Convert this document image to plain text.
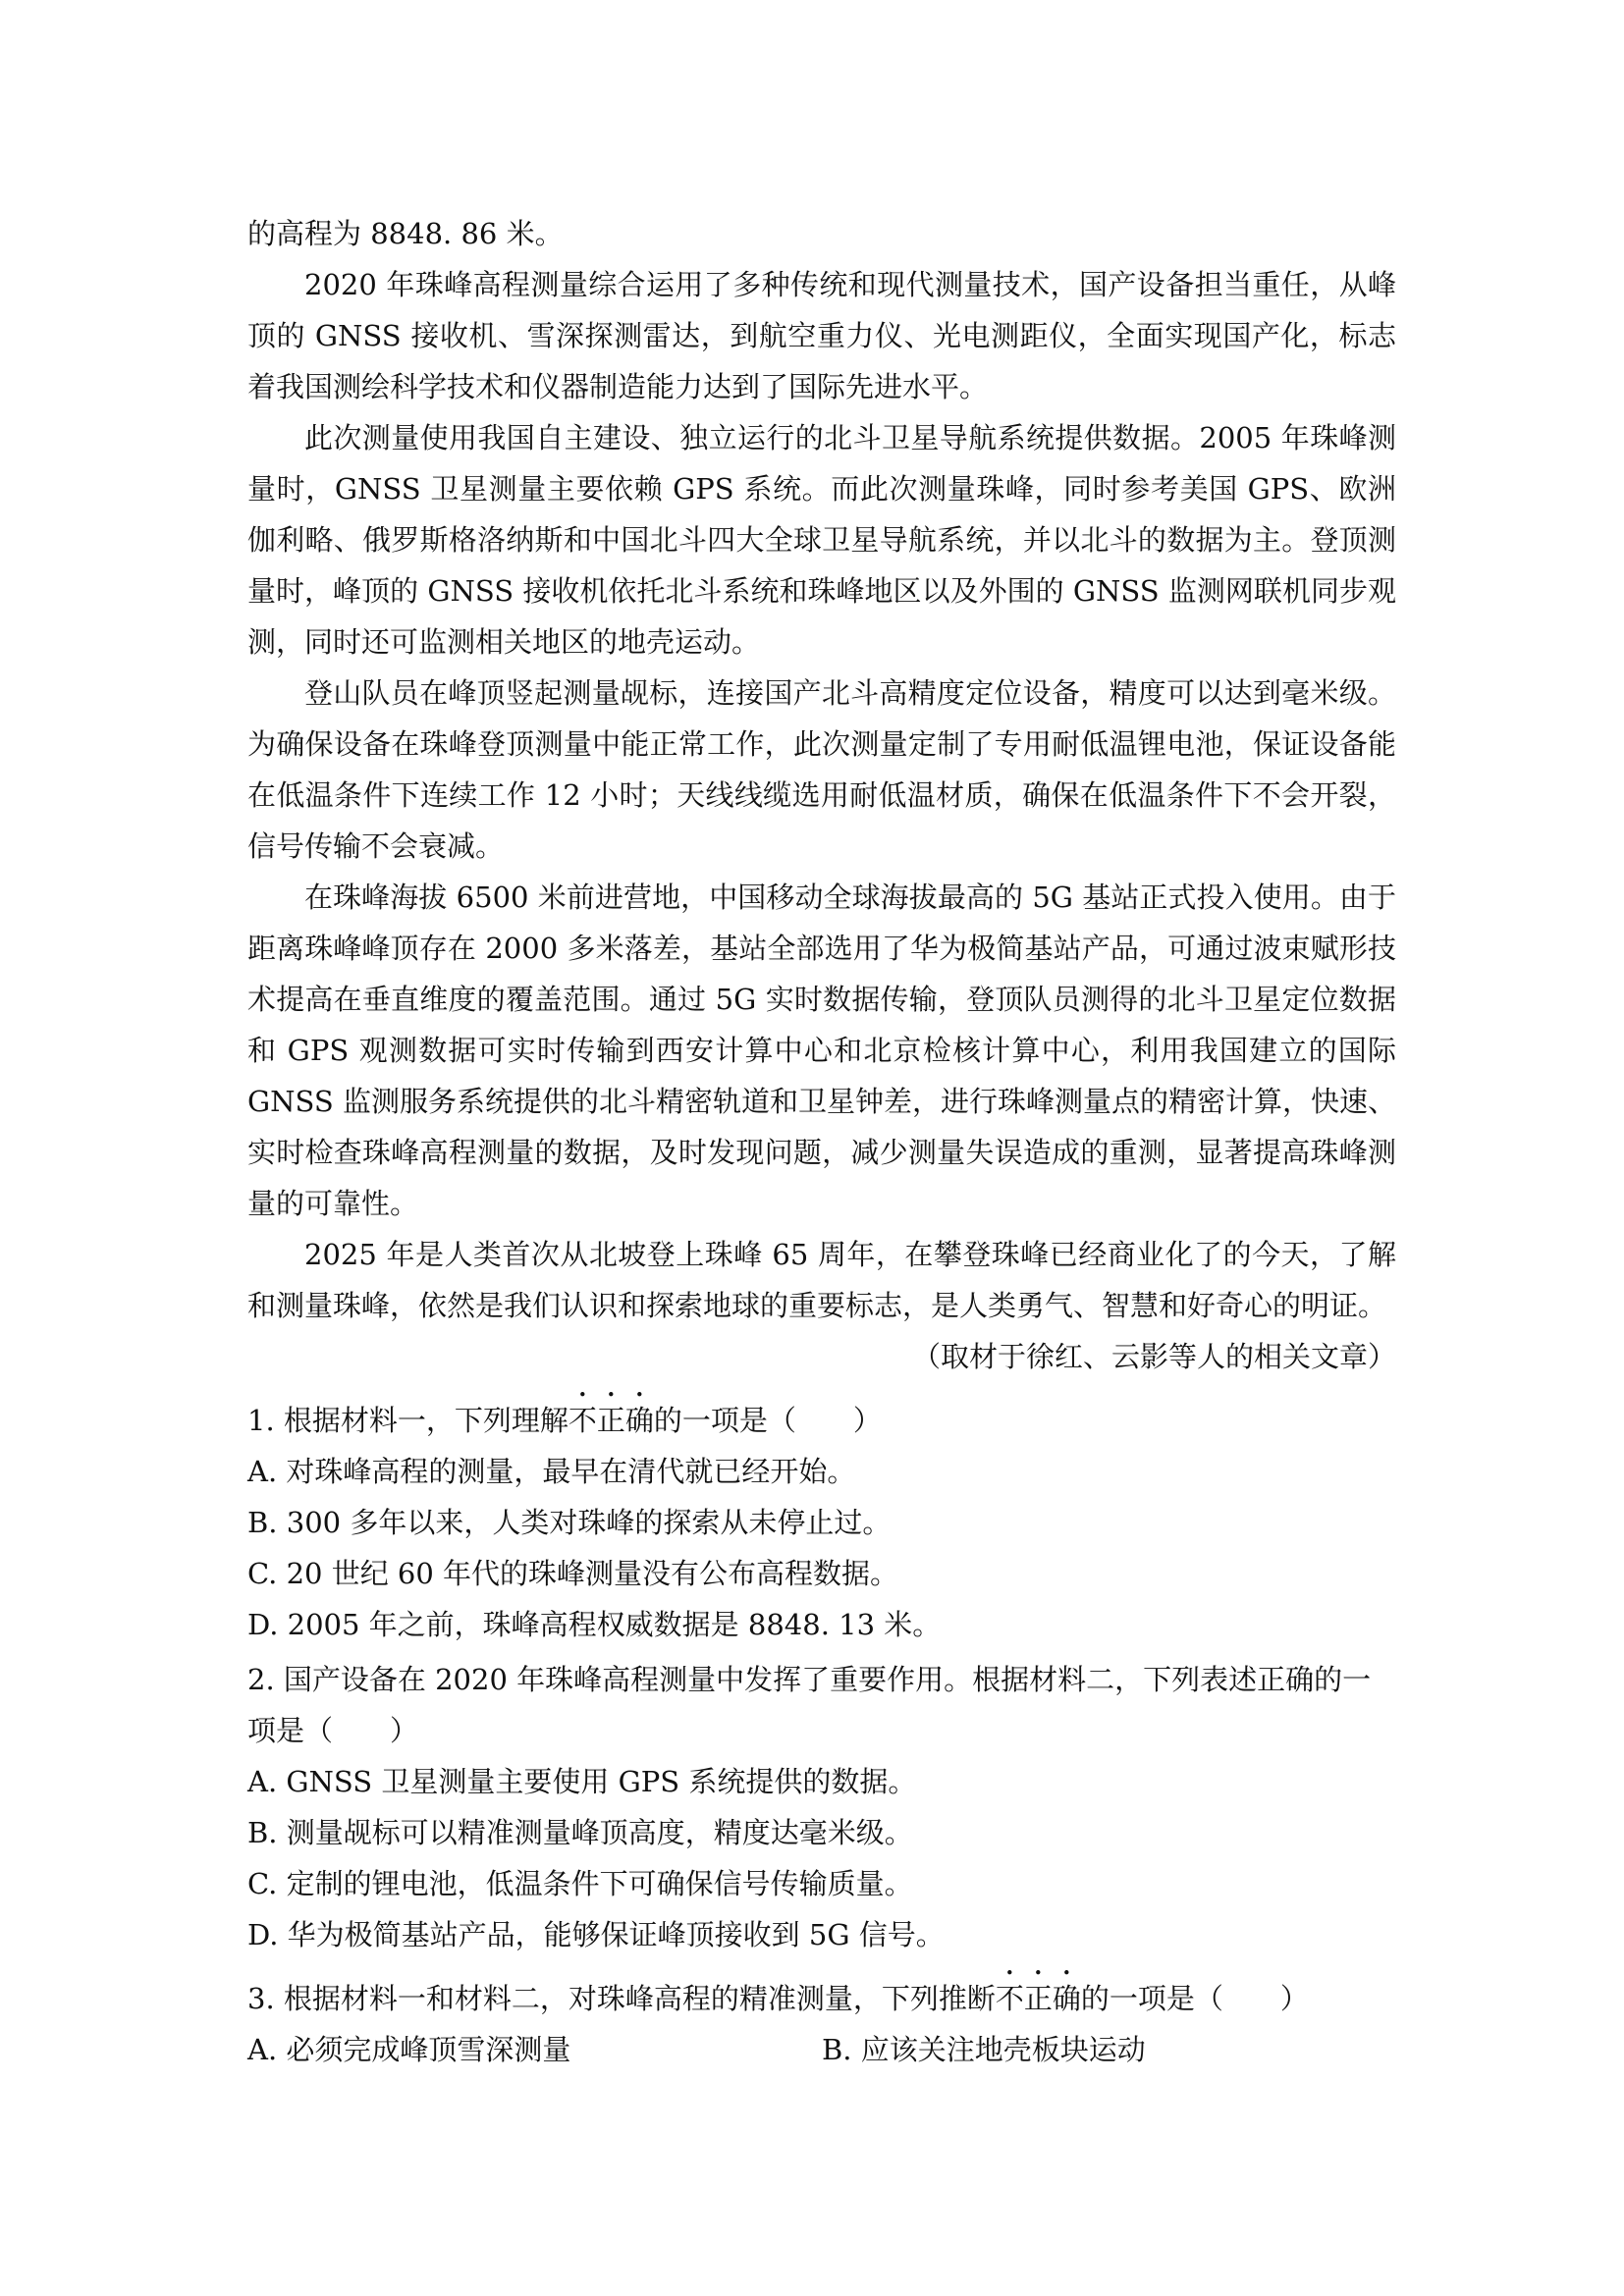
的高程为 8848. 86 米。

2020 年珠峰高程测量综合运用了多种传统和现代测量技术，国产设备担当重任，从峰顶的 GNSS 接收机、雪深探测雷达，到航空重力仪、光电测距仪，全面实现国产化，标志着我国测绘科学技术和仪器制造能力达到了国际先进水平。

此次测量使用我国自主建设、独立运行的北斗卫星导航系统提供数据。2005 年珠峰测量时，GNSS 卫星测量主要依赖 GPS 系统。而此次测量珠峰，同时参考美国 GPS、欧洲伽利略、俄罗斯格洛纳斯和中国北斗四大全球卫星导航系统，并以北斗的数据为主。登顶测量时，峰顶的 GNSS 接收机依托北斗系统和珠峰地区以及外围的 GNSS 监测网联机同步观测，同时还可监测相关地区的地壳运动。

登山队员在峰顶竖起测量觇标，连接国产北斗高精度定位设备，精度可以达到毫米级。为确保设备在珠峰登顶测量中能正常工作，此次测量定制了专用耐低温锂电池，保证设备能在低温条件下连续工作 12 小时；天线线缆选用耐低温材质，确保在低温条件下不会开裂，信号传输不会衰减。

在珠峰海拔 6500 米前进营地，中国移动全球海拔最高的 5G 基站正式投入使用。由于距离珠峰峰顶存在 2000 多米落差，基站全部选用了华为极简基站产品，可通过波束赋形技术提高在垂直维度的覆盖范围。通过 5G 实时数据传输，登顶队员测得的北斗卫星定位数据和 GPS 观测数据可实时传输到西安计算中心和北京检核计算中心，利用我国建立的国际 GNSS 监测服务系统提供的北斗精密轨道和卫星钟差，进行珠峰测量点的精密计算，快速、实时检查珠峰高程测量的数据，及时发现问题，减少测量失误造成的重测，显著提高珠峰测量的可靠性。

2025 年是人类首次从北坡登上珠峰 65 周年，在攀登珠峰已经商业化了的今天，了解和测量珠峰，依然是我们认识和探索地球的重要标志，是人类勇气、智慧和好奇心的明证。

（取材于徐红、云影等人的相关文章）

1. 根据材料一，下列理解不正确的一项是（　　）

A. 对珠峰高程的测量，最早在清代就已经开始。

B. 300 多年以来，人类对珠峰的探索从未停止过。

C. 20 世纪 60 年代的珠峰测量没有公布高程数据。

D. 2005 年之前，珠峰高程权威数据是 8848. 13 米。

2. 国产设备在 2020 年珠峰高程测量中发挥了重要作用。根据材料二，下列表述正确的一项是（　　）

A. GNSS 卫星测量主要使用 GPS 系统提供的数据。

B. 测量觇标可以精准测量峰顶高度，精度达毫米级。

C. 定制的锂电池，低温条件下可确保信号传输质量。

D. 华为极简基站产品，能够保证峰顶接收到 5G 信号。

3. 根据材料一和材料二，对珠峰高程的精准测量，下列推断不正确的一项是（　　）

A. 必须完成峰顶雪深测量	B. 应该关注地壳板块运动
